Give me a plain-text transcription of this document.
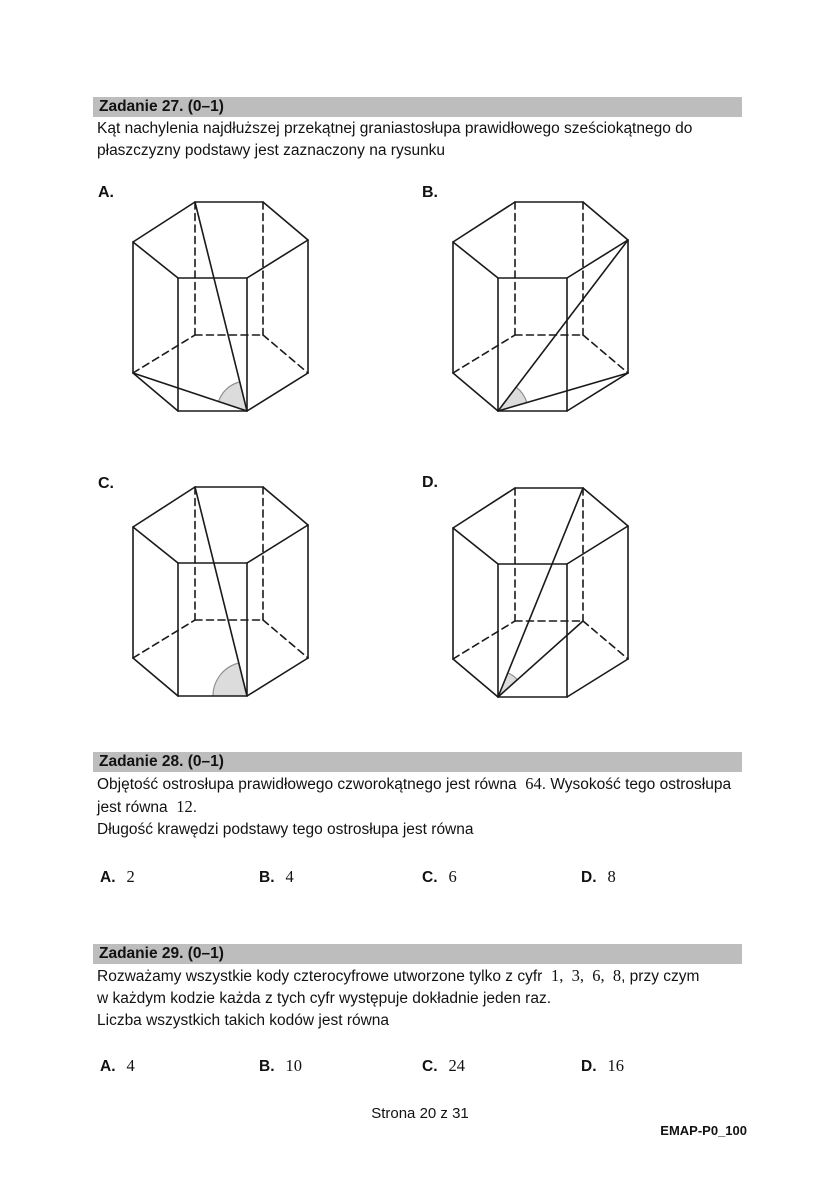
Zadanie 27. (0–1)
Kąt nachylenia najdłuższej przekątnej graniastosłupa prawidłowego sześciokątnego do
płaszczyzny podstawy jest zaznaczony na rysunku
A.	B.
C.	D.
Zadanie 28. (0–1)
Objętość ostrosłupa prawidłowego czworokątnego jest równa  64. Wysokość tego ostrosłupa
jest równa  12.
Długość krawędzi podstawy tego ostrosłupa jest równa
A. 2	B. 4	C. 6	D. 8
Zadanie 29. (0–1)
Rozważamy wszystkie kody czterocyfrowe utworzone tylko z cyfr  1,  3,  6,  8, przy czym
w każdym kodzie każda z tych cyfr występuje dokładnie jeden raz.
Liczba wszystkich takich kodów jest równa
A. 4	B. 10	C. 24	D. 16
Strona 20 z 31
EMAP-P0_100
